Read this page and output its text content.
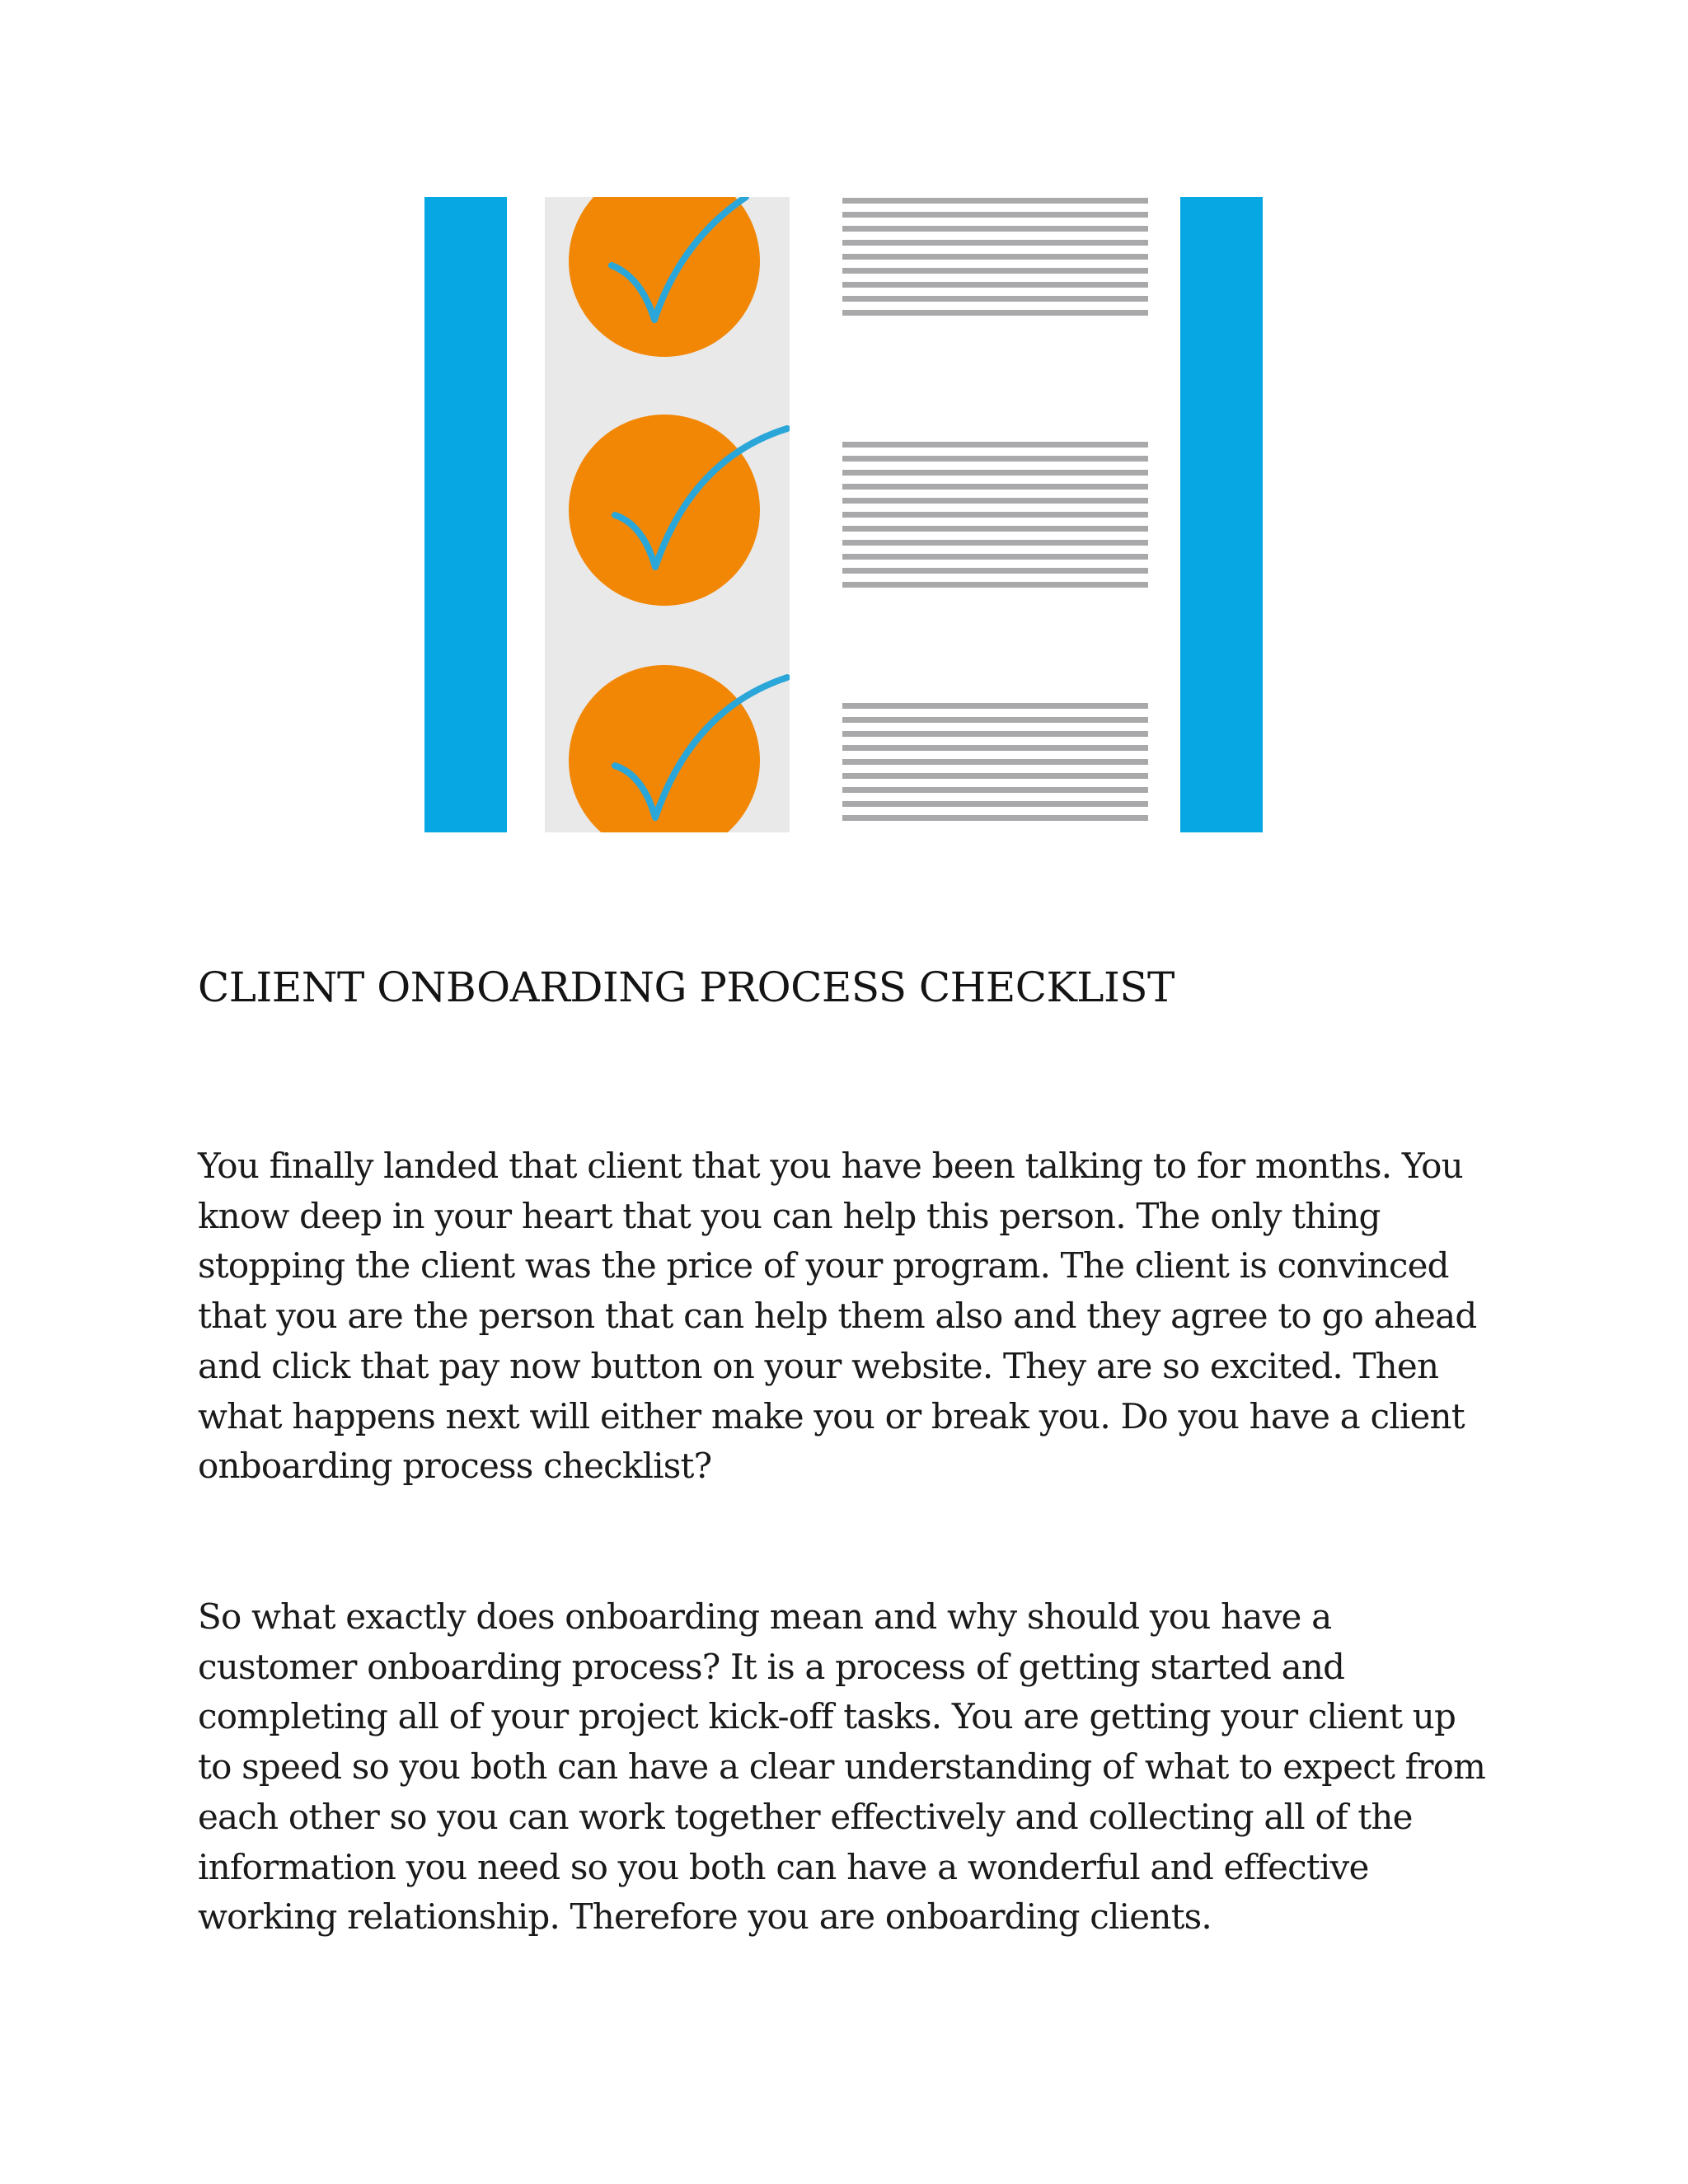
CLIENT ONBOARDING PROCESS CHECKLIST

You finally landed that client that you have been talking to for months. You
know deep in your heart that you can help this person. The only thing
stopping the client was the price of your program. The client is convinced
that you are the person that can help them also and they agree to go ahead
and click that pay now button on your website. They are so excited. Then
what happens next will either make you or break you. Do you have a client
onboarding process checklist?

So what exactly does onboarding mean and why should you have a
customer onboarding process? It is a process of getting started and
completing all of your project kick-off tasks. You are getting your client up
to speed so you both can have a clear understanding of what to expect from
each other so you can work together effectively and collecting all of the
information you need so you both can have a wonderful and effective
working relationship. Therefore you are onboarding clients.
